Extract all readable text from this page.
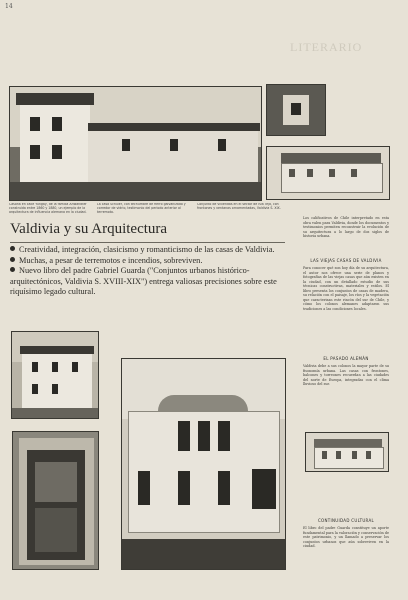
14
LITERARIO
Casona en calle Yungay, de la familia Anwandter construida entre 1860 y 1880, un ejemplo de la arquitectura de influencia alemana en la ciudad.
La casa Schuler, con techumbre de fierro galvanizado y corredor de vidrio, testimonio del periodo anterior al terremoto.
Conjunto de viviendas en el sector de Isla Teja, con frontones y ventanas ornamentadas, Valdivia S. XIX.
Valdivia y su Arquitectura
Creatividad, integración, clasicismo y romanticismo de las casas de Valdivia.
Muchas, a pesar de terremotos e incendios, sobreviven.
Nuevo libro del padre Gabriel Guarda ("Conjuntos urbanos histórico-arquitectónicos, Valdivia S. XVIII-XIX") entrega valiosas precisiones sobre este riquísimo legado cultural.
Los calificativos de Chile interpretado en esta obra valen para Valdivia, donde los documentos y testimonios permiten reconstruir la evolución de su arquitectura a lo largo de dos siglos de historia urbana.
LAS VIEJAS CASAS DE VALDIVIA
Para conocer qué son hoy día de su arquitectura, el autor nos ofrece una serie de planos y fotografías de las viejas casas que aún existen en la ciudad, con un detallado estudio de sus técnicas constructivas, materiales y estilos. El libro presenta los conjuntos de casas de madera, su relación con el paisaje, los ríos y la vegetación que caracterizan este rincón del sur de Chile, y cómo los colonos alemanes adaptaron sus tradiciones a las condiciones locales.
EL PASADO ALEMÁN
Valdivia debe a sus colonos la mayor parte de su fisonomía urbana. Las casas con frontones, balcones y torreones recuerdan a las ciudades del norte de Europa, integradas con el clima lluvioso del sur.
CONTINUIDAD CULTURAL
El libro del padre Guarda constituye un aporte fundamental para la valoración y conservación de este patrimonio, y un llamado a preservar los conjuntos urbanos que aún sobreviven en la ciudad.
